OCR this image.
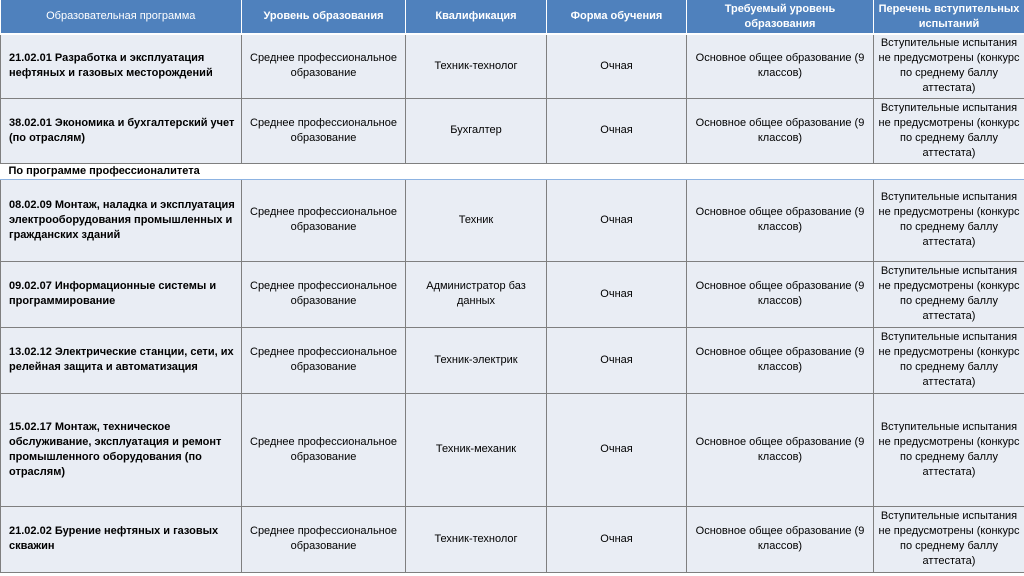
Образовательная программа	Уровень образования	Квалификация	Форма обучения	Требуемый уровень образования	Перечень вступительных испытаний
21.02.01 Разработка и эксплуатация нефтяных и газовых месторождений	Среднее профессиональное образование	Техник-технолог	Очная	Основное общее образование (9 классов)	Вступительные испытания не предусмотрены (конкурс по среднему баллу аттестата)
38.02.01 Экономика и бухгалтерский учет (по отраслям)	Среднее профессиональное образование	Бухгалтер	Очная	Основное общее образование (9 классов)	Вступительные испытания не предусмотрены (конкурс по среднему баллу аттестата)
По программе профессионалитета					
08.02.09 Монтаж, наладка и эксплуатация электрооборудования промышленных и гражданских зданий	Среднее профессиональное образование	Техник	Очная	Основное общее образование (9 классов)	Вступительные испытания не предусмотрены (конкурс по среднему баллу аттестата)
09.02.07 Информационные системы и программирование	Среднее профессиональное образование	Администратор баз данных	Очная	Основное общее образование (9 классов)	Вступительные испытания не предусмотрены (конкурс по среднему баллу аттестата)
13.02.12 Электрические станции, сети, их релейная защита и автоматизация	Среднее профессиональное образование	Техник-электрик	Очная	Основное общее образование (9 классов)	Вступительные испытания не предусмотрены (конкурс по среднему баллу аттестата)
15.02.17 Монтаж, техническое обслуживание, эксплуатация и ремонт промышленного оборудования (по отраслям)	Среднее профессиональное образование	Техник-механик	Очная	Основное общее образование (9 классов)	Вступительные испытания не предусмотрены (конкурс по среднему баллу аттестата)
21.02.02 Бурение нефтяных и газовых скважин	Среднее профессиональное образование	Техник-технолог	Очная	Основное общее образование (9 классов)	Вступительные испытания не предусмотрены (конкурс по среднему баллу аттестата)
